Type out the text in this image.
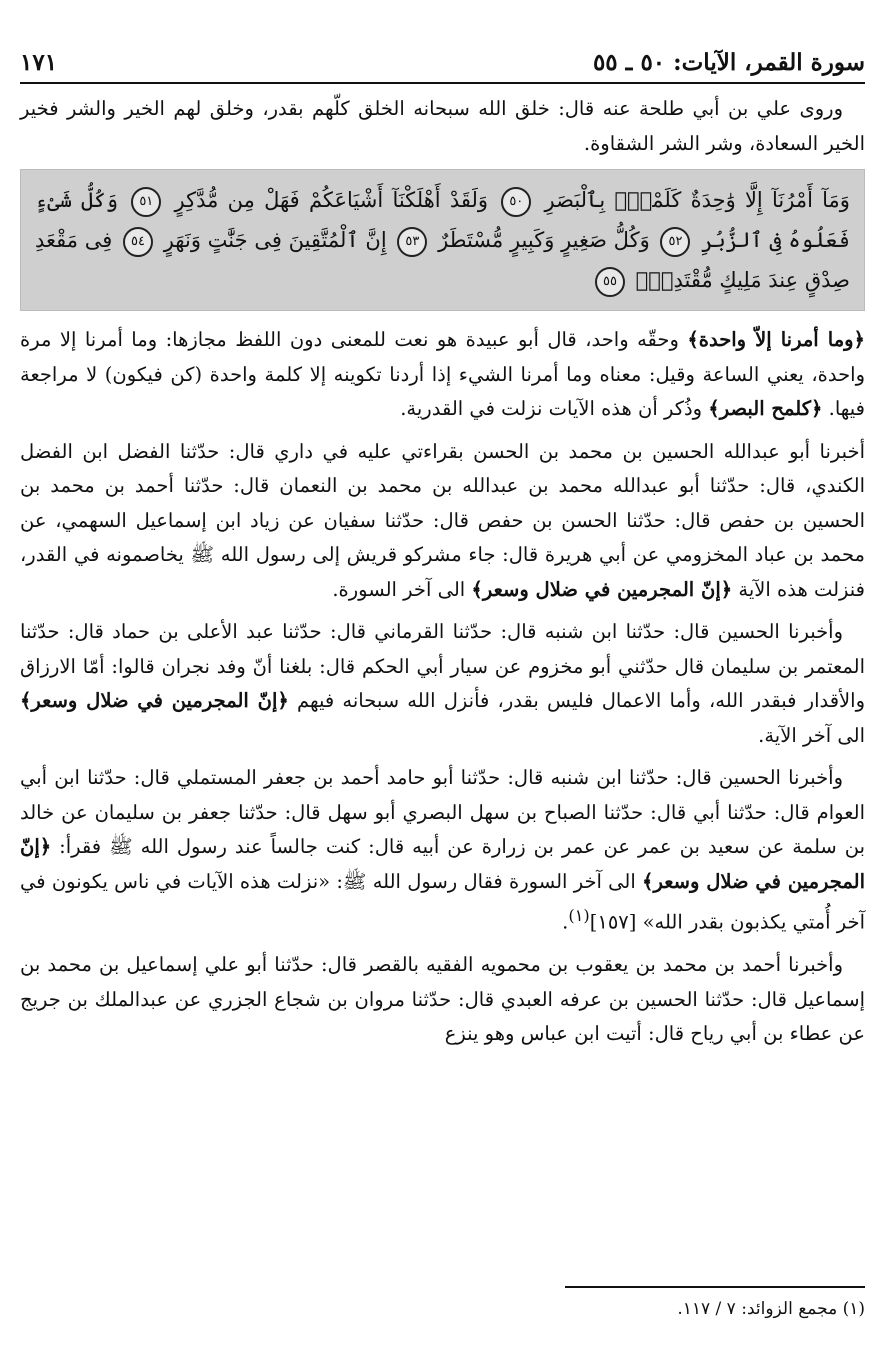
سورة القمر، الآيات: ٥٠ ـ ٥٥
١٧١

وروى علي بن أبي طلحة عنه قال: خلق الله سبحانه الخلق كلّهم بقدر، وخلق لهم الخير والشر فخير الخير السعادة، وشر الشر الشقاوة.

وَمَآ أَمْرُنَآ إِلَّا وَٰحِدَةٌ كَلَمْحٍۭ بِٱلْبَصَرِ ٥٠ وَلَقَدْ أَهْلَكْنَآ أَشْيَاعَكُمْ فَهَلْ مِن مُّدَّكِرٍ ٥١ وَكُلُّ شَىْءٍ فَعَلُوهُ فِى ٱلزُّبُرِ ٥٢ وَكُلُّ صَغِيرٍ وَكَبِيرٍ مُّسْتَطَرٌ ٥٣ إِنَّ ٱلْمُتَّقِينَ فِى جَنَّٰتٍ وَنَهَرٍ ٥٤ فِى مَقْعَدِ صِدْقٍ عِندَ مَلِيكٍ مُّقْتَدِرٍۭ ٥٥

﴿وما أمرنا إلاّ واحدة﴾ وحقّه واحد، قال أبو عبيدة هو نعت للمعنى دون اللفظ مجازها: وما أمرنا إلا مرة واحدة، يعني الساعة وقيل: معناه وما أمرنا الشيء إذا أردنا تكوينه إلا كلمة واحدة (كن فيكون) لا مراجعة فيها. ﴿كلمح البصر﴾ وذُكر أن هذه الآيات نزلت في القدرية.

أخبرنا أبو عبدالله الحسين بن محمد بن الحسن بقراءتي عليه في داري قال: حدّثنا الفضل ابن الفضل الكندي، قال: حدّثنا أبو عبدالله محمد بن عبدالله بن محمد بن النعمان قال: حدّثنا أحمد بن محمد بن الحسين بن حفص قال: حدّثنا الحسن بن حفص قال: حدّثنا سفيان عن زياد ابن إسماعيل السهمي، عن محمد بن عباد المخزومي عن أبي هريرة قال: جاء مشركو قريش إلى رسول الله ﷺ يخاصمونه في القدر، فنزلت هذه الآية ﴿إنّ المجرمين في ضلال وسعر﴾ الى آخر السورة.

وأخبرنا الحسين قال: حدّثنا ابن شنبه قال: حدّثنا القرماني قال: حدّثنا عبد الأعلى بن حماد قال: حدّثنا المعتمر بن سليمان قال حدّثني أبو مخزوم عن سيار أبي الحكم قال: بلغنا أنّ وفد نجران قالوا: أمّا الارزاق والأقدار فبقدر الله، وأما الاعمال فليس بقدر، فأنزل الله سبحانه فيهم ﴿إنّ المجرمين في ضلال وسعر﴾ الى آخر الآية.

وأخبرنا الحسين قال: حدّثنا ابن شنبه قال: حدّثنا أبو حامد أحمد بن جعفر المستملي قال: حدّثنا ابن أبي العوام قال: حدّثنا أبي قال: حدّثنا الصباح بن سهل البصري أبو سهل قال: حدّثنا جعفر بن سليمان عن خالد بن سلمة عن سعيد بن عمر عن عمر بن زرارة عن أبيه قال: كنت جالساً عند رسول الله ﷺ فقرأ: ﴿إنّ المجرمين في ضلال وسعر﴾ الى آخر السورة فقال رسول الله ﷺ: «نزلت هذه الآيات في ناس يكونون في آخر أُمتي يكذبون بقدر الله» [١٥٧]$^{(١)}$.

وأخبرنا أحمد بن محمد بن يعقوب بن محمويه الفقيه بالقصر قال: حدّثنا أبو علي إسماعيل بن محمد بن إسماعيل قال: حدّثنا الحسين بن عرفه العبدي قال: حدّثنا مروان بن شجاع الجزري عن عبدالملك بن جريج عن عطاء بن أبي رياح قال: أتيت ابن عباس وهو ينزع

(١) مجمع الزوائد: ٧ / ١١٧.
